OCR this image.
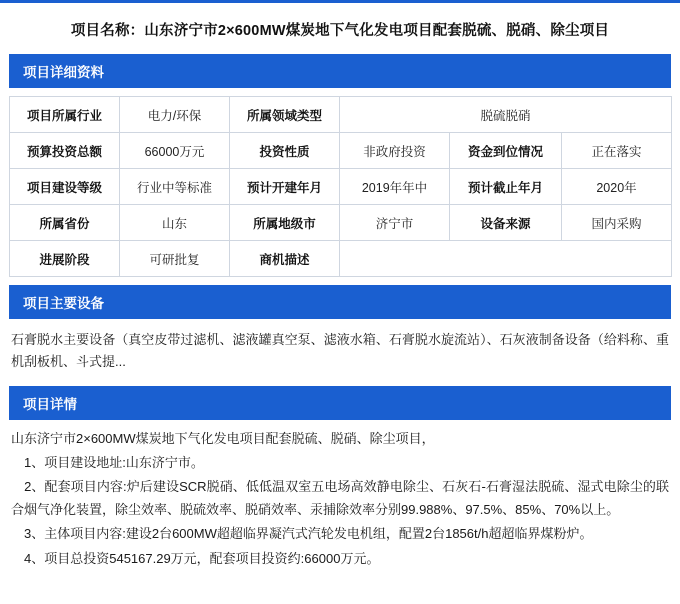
项目名称：山东济宁市2×600MW煤炭地下气化发电项目配套脱硫、脱硝、除尘项目
项目详细资料
项目所属行业	电力/环保	所属领域类型	脱硫脱硝		
预算投资总额	66000万元	投资性质	非政府投资	资金到位情况	正在落实
项目建设等级	行业中等标准	预计开建年月	2019年年中	预计截止年月	2020年
所属省份	山东	所属地级市	济宁市	设备来源	国内采购
进展阶段	可研批复	商机描述			
项目主要设备
石膏脱水主要设备（真空皮带过滤机、滤液罐真空泵、滤液水箱、石膏脱水旋流站）、石灰液制备设备（给料称、重机刮板机、斗式提...
项目详情

山东济宁市2×600MW煤炭地下气化发电项目配套脱硫、脱硝、除尘项目，

　1、项目建设地址:山东济宁市。

　2、配套项目内容:炉后建设SCR脱硝、低低温双室五电场高效静电除尘、石灰石-石膏湿法脱硫、湿式电除尘的联合烟气净化装置，除尘效率、脱硫效率、脱硝效率、汞捕除效率分别99.988%、97.5%、85%、70%以上。

　3、主体项目内容:建设2台600MW超超临界凝汽式汽轮发电机组，配置2台1856t/h超超临界煤粉炉。

　4、项目总投资545167.29万元，配套项目投资约:66000万元。
